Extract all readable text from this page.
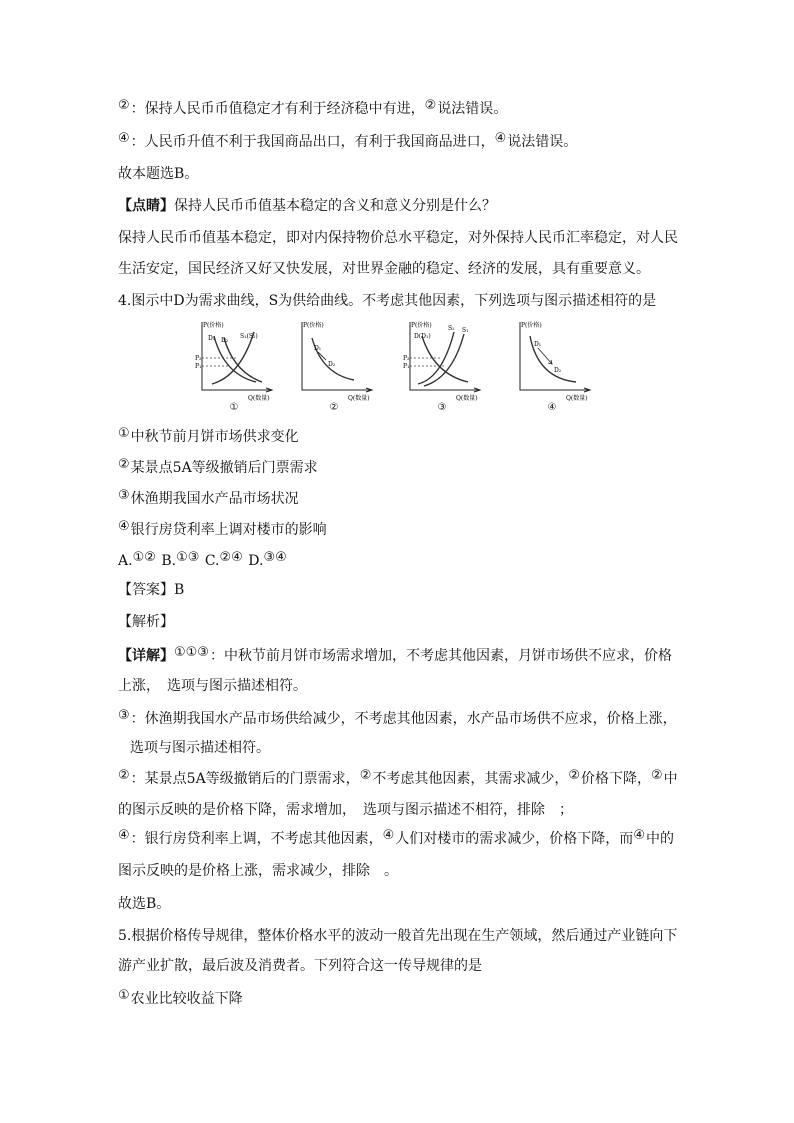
②：保持人民币币值稳定才有利于经济稳中有进，②说法错误。
④：人民币升值不利于我国商品出口，有利于我国商品进口，④说法错误。
故本题选B。
【点睛】保持人民币币值基本稳定的含义和意义分别是什么？
保持人民币币值基本稳定，即对内保持物价总水平稳定，对外保持人民币汇率稳定，对人民
生活安定，国民经济又好又快发展，对世界金融的稳定、经济的发展，具有重要意义。
4.图示中D为需求曲线，S为供给曲线。不考虑其他因素，下列选项与图示描述相符的是
P(价格)
Q(数量)
S₁(S₂)
D₁ D₂
P₂
P₁
①
P(价格)
Q(数量)
D₁
D₂
②
P(价格)
Q(数量)
D(D₁)
S₂ S₁
P₂
P₁
③
P(价格)
Q(数量)
D₁
D₂
④
①中秋节前月饼市场供求变化
②某景点5A等级撤销后门票需求
③休渔期我国水产品市场状况
④银行房贷利率上调对楼市的影响
A.①② B.①③ C.②④ D.③④
【答案】B
【解析】
【详解】①①③：中秋节前月饼市场需求增加，不考虑其他因素，月饼市场供不应求，价格
上涨，　选项与图示描述相符。
③：休渔期我国水产品市场供给减少，不考虑其他因素，水产品市场供不应求，价格上涨，
选项与图示描述相符。
②：某景点5A等级撤销后的门票需求，②不考虑其他因素，其需求减少，②价格下降，②中
的图示反映的是价格下降，需求增加，　选项与图示描述不相符，排除　；
④：银行房贷利率上调，不考虑其他因素，④人们对楼市的需求减少，价格下降，而④中的
图示反映的是价格上涨，需求减少，排除　。
故选B。
5.根据价格传导规律，整体价格水平的波动一般首先出现在生产领域，然后通过产业链向下
游产业扩散，最后波及消费者。下列符合这一传导规律的是
①农业比较收益下降
